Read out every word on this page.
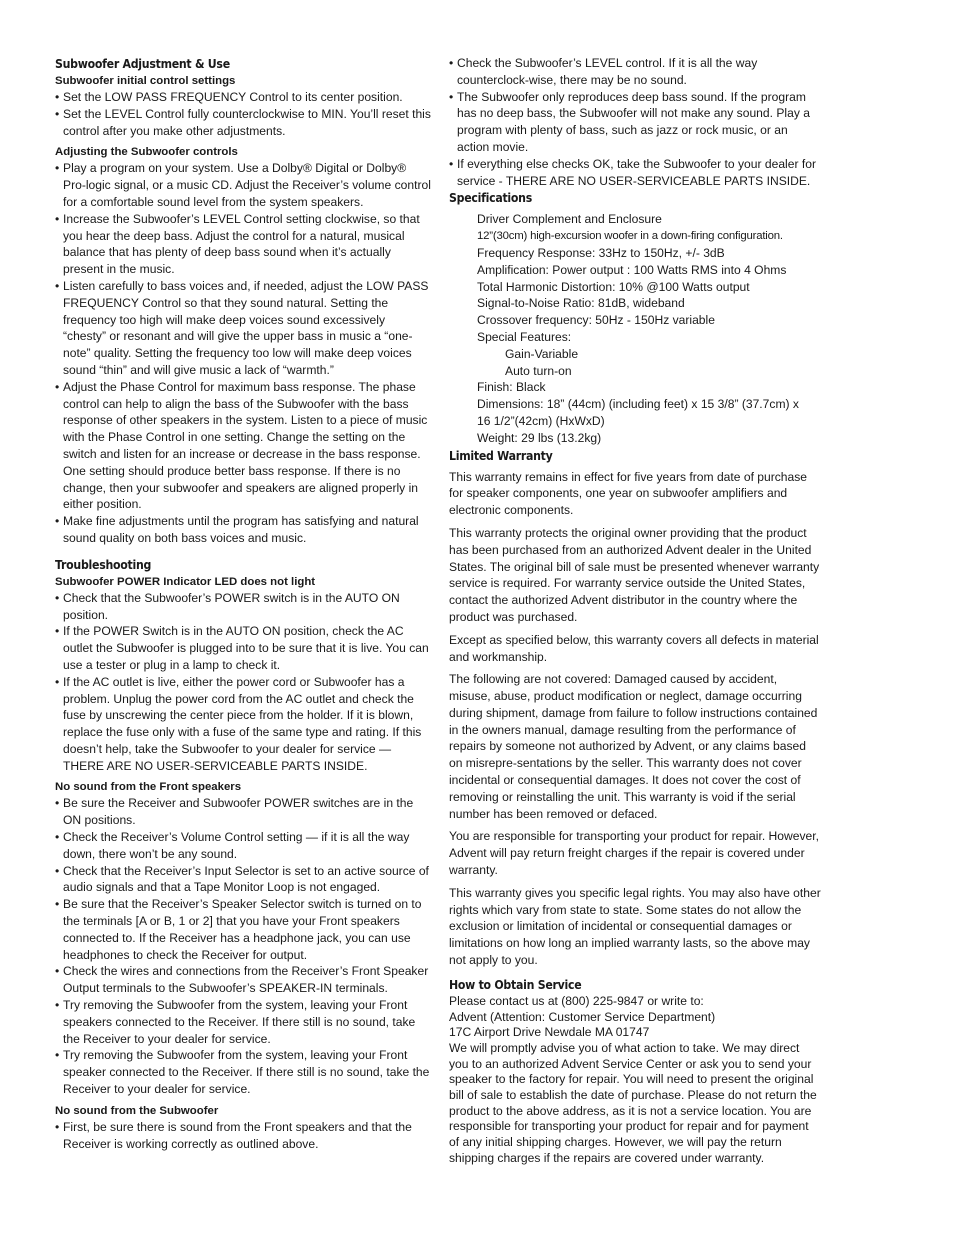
Subwoofer Adjustment & Use
Subwoofer initial control settings
• Set the LOW PASS FREQUENCY Control to its center position.
• Set the LEVEL Control fully counterclockwise to MIN. You’ll reset this control after you make other adjustments.
Adjusting the Subwoofer controls
• Play a program on your system. Use a Dolby® Digital or Dolby® Pro-logic signal, or a music CD. Adjust the Receiver’s volume control for a comfortable sound level from the system speakers.
• Increase the Subwoofer’s LEVEL Control setting clockwise, so that you hear the deep bass. Adjust the control for a natural, musical balance that has plenty of deep bass sound when it’s actually present in the music.
• Listen carefully to bass voices and, if needed, adjust the LOW PASS FREQUENCY Control so that they sound natural. Setting the frequency too high will make deep voices sound excessively “chesty” or resonant and will give the upper bass in music a “one-note” quality. Setting the frequency too low will make deep voices sound “thin” and will give music a lack of “warmth.”
• Adjust the Phase Control for maximum bass response. The phase control can help to align the bass of the Subwoofer with the bass response of other speakers in the system. Listen to a piece of music with the Phase Control in one setting. Change the setting on the switch and listen for an increase or decrease in the bass response. One setting should produce better bass response. If there is no change, then your subwoofer and speakers are aligned properly in either position.
• Make fine adjustments until the program has satisfying and natural sound quality on both bass voices and music.
Troubleshooting
Subwoofer POWER Indicator LED does not light
• Check that the Subwoofer’s POWER switch is in the AUTO ON position.
• If the POWER Switch is in the AUTO ON position, check the AC outlet the Subwoofer is plugged into to be sure that it is live. You can use a tester or plug in a lamp to check it.
• If the AC outlet is live, either the power cord or Subwoofer has a problem. Unplug the power cord from the AC outlet and check the fuse by unscrewing the center piece from the holder. If it is blown, replace the fuse only with a fuse of the same type and rating. If this doesn’t help, take the Subwoofer to your dealer for service — THERE ARE NO USER-SERVICEABLE PARTS INSIDE.
No sound from the Front speakers
• Be sure the Receiver and Subwoofer POWER switches are in the ON positions.
• Check the Receiver’s Volume Control setting — if it is all the way down, there won’t be any sound.
• Check that the Receiver’s Input Selector is set to an active source of audio signals and that a Tape Monitor Loop is not engaged.
• Be sure that the Receiver’s Speaker Selector switch is turned on to the terminals [A or B, 1 or 2] that you have your Front speakers connected to. If the Receiver has a headphone jack, you can use headphones to check the Receiver for output.
• Check the wires and connections from the Receiver’s Front Speaker Output terminals to the Subwoofer’s SPEAKER-IN terminals.
• Try removing the Subwoofer from the system, leaving your Front speakers connected to the Receiver. If there still is no sound, take the Receiver to your dealer for service.
• Try removing the Subwoofer from the system, leaving your Front speaker connected to the Receiver. If there still is no sound, take the Receiver to your dealer for service.
No sound from the Subwoofer
• First, be sure there is sound from the Front speakers and that the Receiver is working correctly as outlined above.
• Check the Subwoofer’s LEVEL control. If it is all the way counterclock-wise, there may be no sound.
• The Subwoofer only reproduces deep bass sound. If the program has no deep bass, the Subwoofer will not make any sound. Play a program with plenty of bass, such as jazz or rock music, or an action movie.
• If everything else checks OK, take the Subwoofer to your dealer for service - THERE ARE NO USER-SERVICEABLE PARTS INSIDE.
Specifications

Driver Complement and Enclosure

12”(30cm) high-excursion woofer in a down-firing configuration.

Frequency Response: 33Hz to 150Hz, +/- 3dB

Amplification: Power output : 100 Watts RMS into 4 Ohms

Total Harmonic Distortion: 10% @100 Watts output

Signal-to-Noise Ratio: 81dB, wideband

Crossover frequency: 50Hz - 150Hz variable

Special Features:

Gain-Variable

Auto turn-on

Finish: Black

Dimensions: 18” (44cm) (including feet) x 15 3/8” (37.7cm) x

16 1/2”(42cm) (HxWxD)

Weight: 29 lbs (13.2kg)

Limited Warranty

This warranty remains in effect for five years from date of purchase for speaker components, one year on subwoofer amplifiers and electronic components.

This warranty protects the original owner providing that the product has been purchased from an authorized Advent dealer in the United States. The original bill of sale must be presented whenever warranty service is required. For warranty service outside the United States, contact the authorized Advent distributor in the country where the product was purchased.

Except as specified below, this warranty covers all defects in material and workmanship.

The following are not covered: Damaged caused by accident, misuse, abuse, product modification or neglect, damage occurring during shipment, damage from failure to follow instructions contained in the owners manual, damage resulting from the performance of repairs by someone not authorized by Advent, or any claims based on misrepre-sentations by the seller. This warranty does not cover incidental or consequential damages. It does not cover the cost of removing or reinstalling the unit. This warranty is void if the serial number has been removed or defaced.

You are responsible for transporting your product for repair. However, Advent will pay return freight charges if the repair is covered under warranty.

This warranty gives you specific legal rights. You may also have other rights which vary from state to state. Some states do not allow the exclusion or limitation of incidental or consequential damages or limitations on how long an implied warranty lasts, so the above may not apply to you.

How to Obtain Service

Please contact us at (800) 225-9847 or write to:

Advent (Attention: Customer Service Department)

17C Airport Drive Newdale MA 01747

We will promptly advise you of what action to take. We may direct you to an authorized Advent Service Center or ask you to send your speaker to the factory for repair. You will need to present the original bill of sale to establish the date of purchase. Please do not return the product to the above address, as it is not a service location. You are responsible for transporting your product for repair and for payment of any initial shipping charges. However, we will pay the return shipping charges if the repairs are covered under warranty.
